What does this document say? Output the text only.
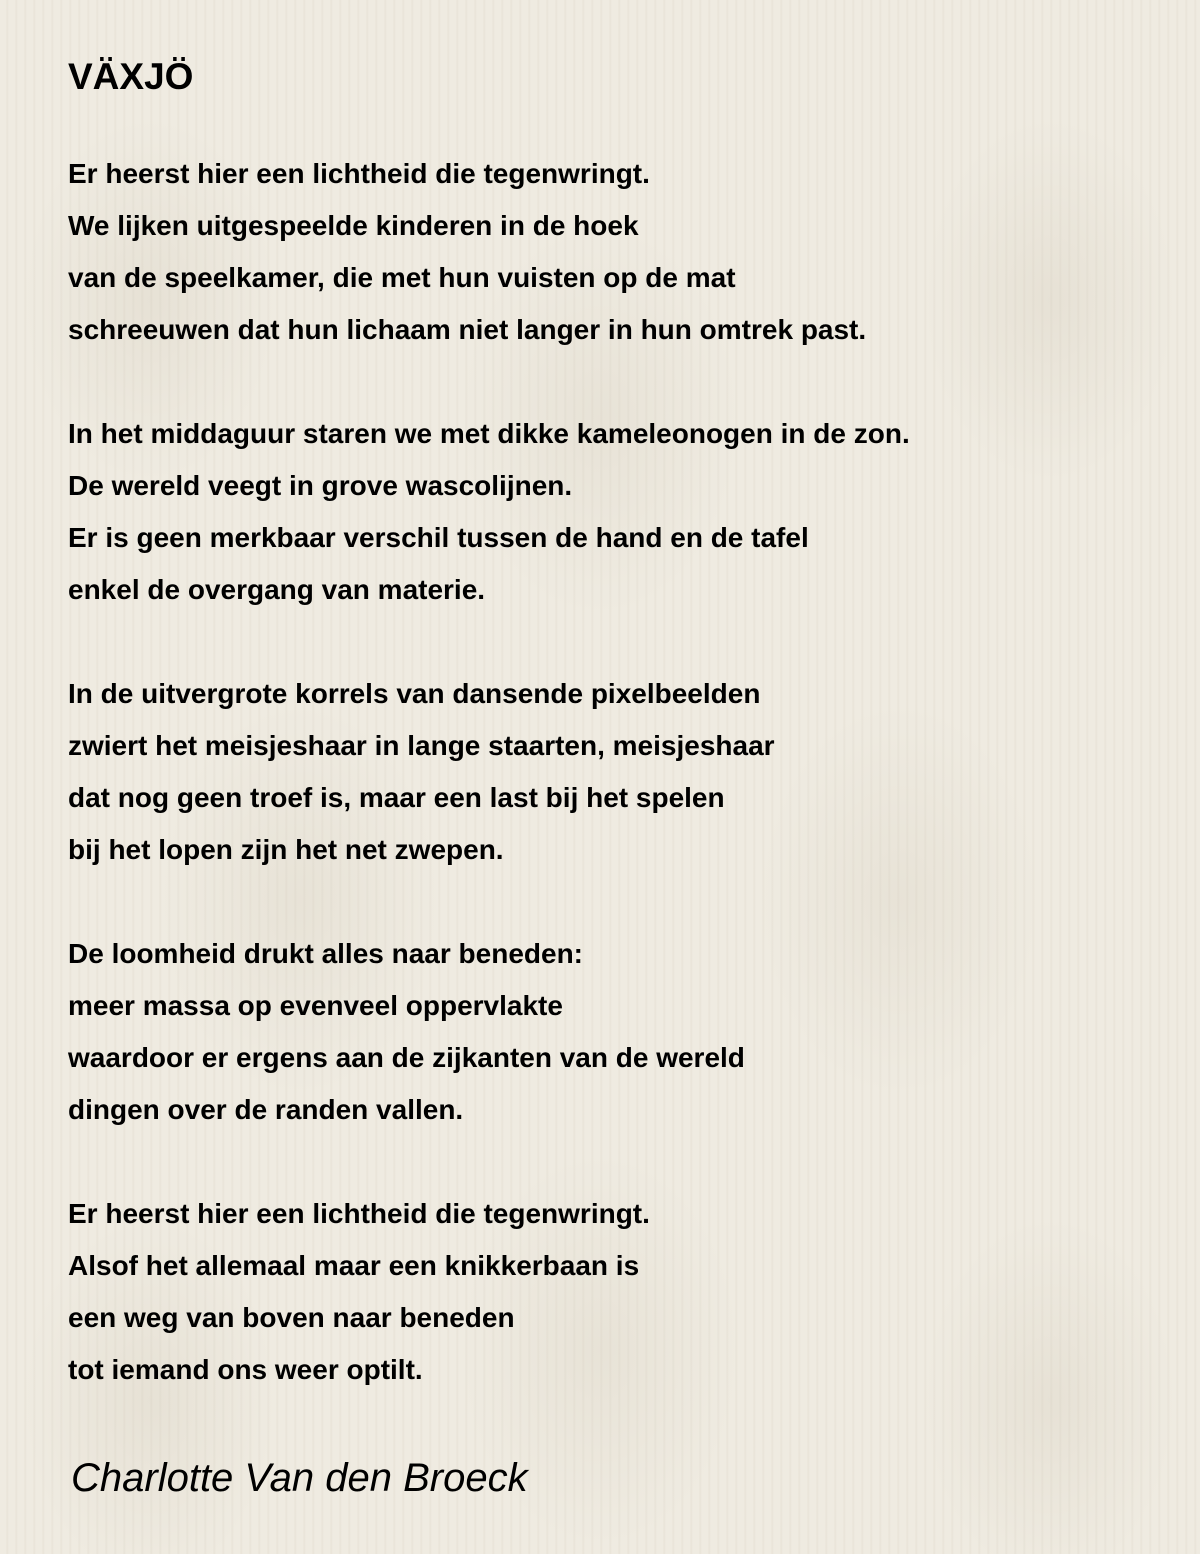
VÄXJÖ
Er heerst hier een lichtheid die tegenwringt.
We lijken uitgespeelde kinderen in de hoek
van de speelkamer, die met hun vuisten op de mat
schreeuwen dat hun lichaam niet langer in hun omtrek past.
In het middaguur staren we met dikke kameleonogen in de zon.
De wereld veegt in grove wascolijnen.
Er is geen merkbaar verschil tussen de hand en de tafel
enkel de overgang van materie.
In de uitvergrote korrels van dansende pixelbeelden
zwiert het meisjeshaar in lange staarten, meisjeshaar
dat nog geen troef is, maar een last bij het spelen
bij het lopen zijn het net zwepen.
De loomheid drukt alles naar beneden:
meer massa op evenveel oppervlakte
waardoor er ergens aan de zijkanten van de wereld
dingen over de randen vallen.
Er heerst hier een lichtheid die tegenwringt.
Alsof het allemaal maar een knikkerbaan is
een weg van boven naar beneden
tot iemand ons weer optilt.

Charlotte Van den Broeck
